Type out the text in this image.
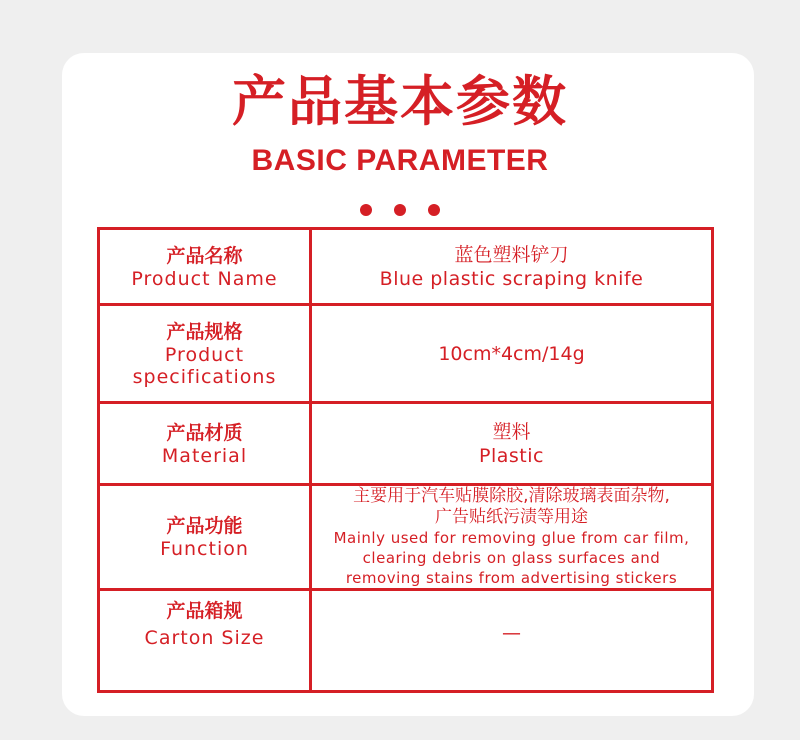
产品基本参数
BASIC PARAMETER
产品名称
Product Name	蓝色塑料铲刀
Blue plastic scraping knife

产品规格
Product
specifications	10cm*4cm/14g

产品材质
Material	塑料
Plastic

产品功能
Function	主要用于汽车贴膜除胶,清除玻璃表面杂物,
广告贴纸污渍等用途
Mainly used for removing glue from car film,
clearing debris on glass surfaces and
removing stains from advertising stickers

产品箱规
Carton Size	—
